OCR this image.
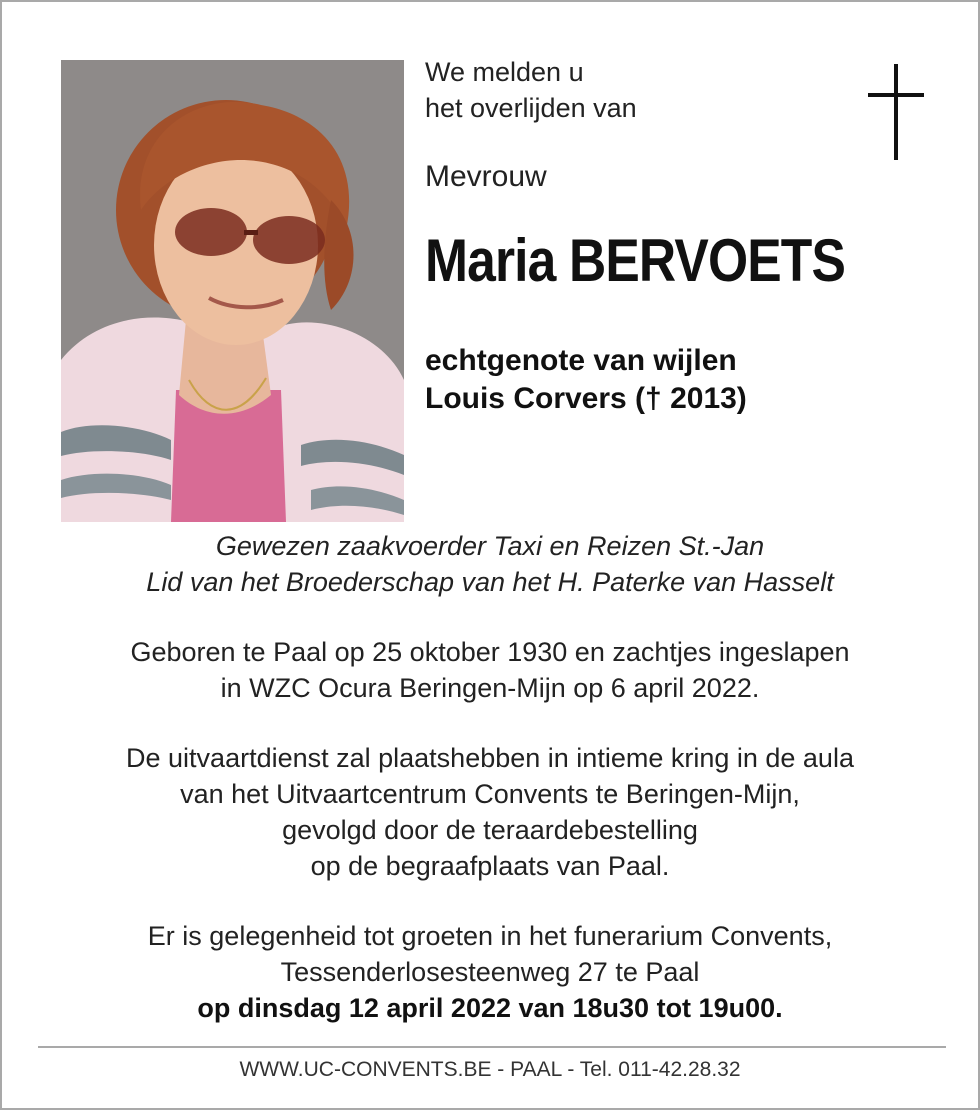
We melden u
het overlijden van
Mevrouw
Maria BERVOETS
echtgenote van wijlen
Louis Corvers († 2013)
Gewezen zaakvoerder Taxi en Reizen St.-Jan
Lid van het Broederschap van het H. Paterke van Hasselt
Geboren te Paal op 25 oktober 1930 en zachtjes ingeslapen
in WZC Ocura Beringen-Mijn op 6 april 2022.
De uitvaartdienst zal plaatshebben in intieme kring in de aula
van het Uitvaartcentrum Convents te Beringen-Mijn,
gevolgd door de teraardebestelling
op de begraafplaats van Paal.
Er is gelegenheid tot groeten in het funerarium Convents,
Tessenderlosesteenweg 27 te Paal
op dinsdag 12 april 2022 van 18u30 tot 19u00.
WWW.UC-CONVENTS.BE - PAAL - Tel. 011-42.28.32
